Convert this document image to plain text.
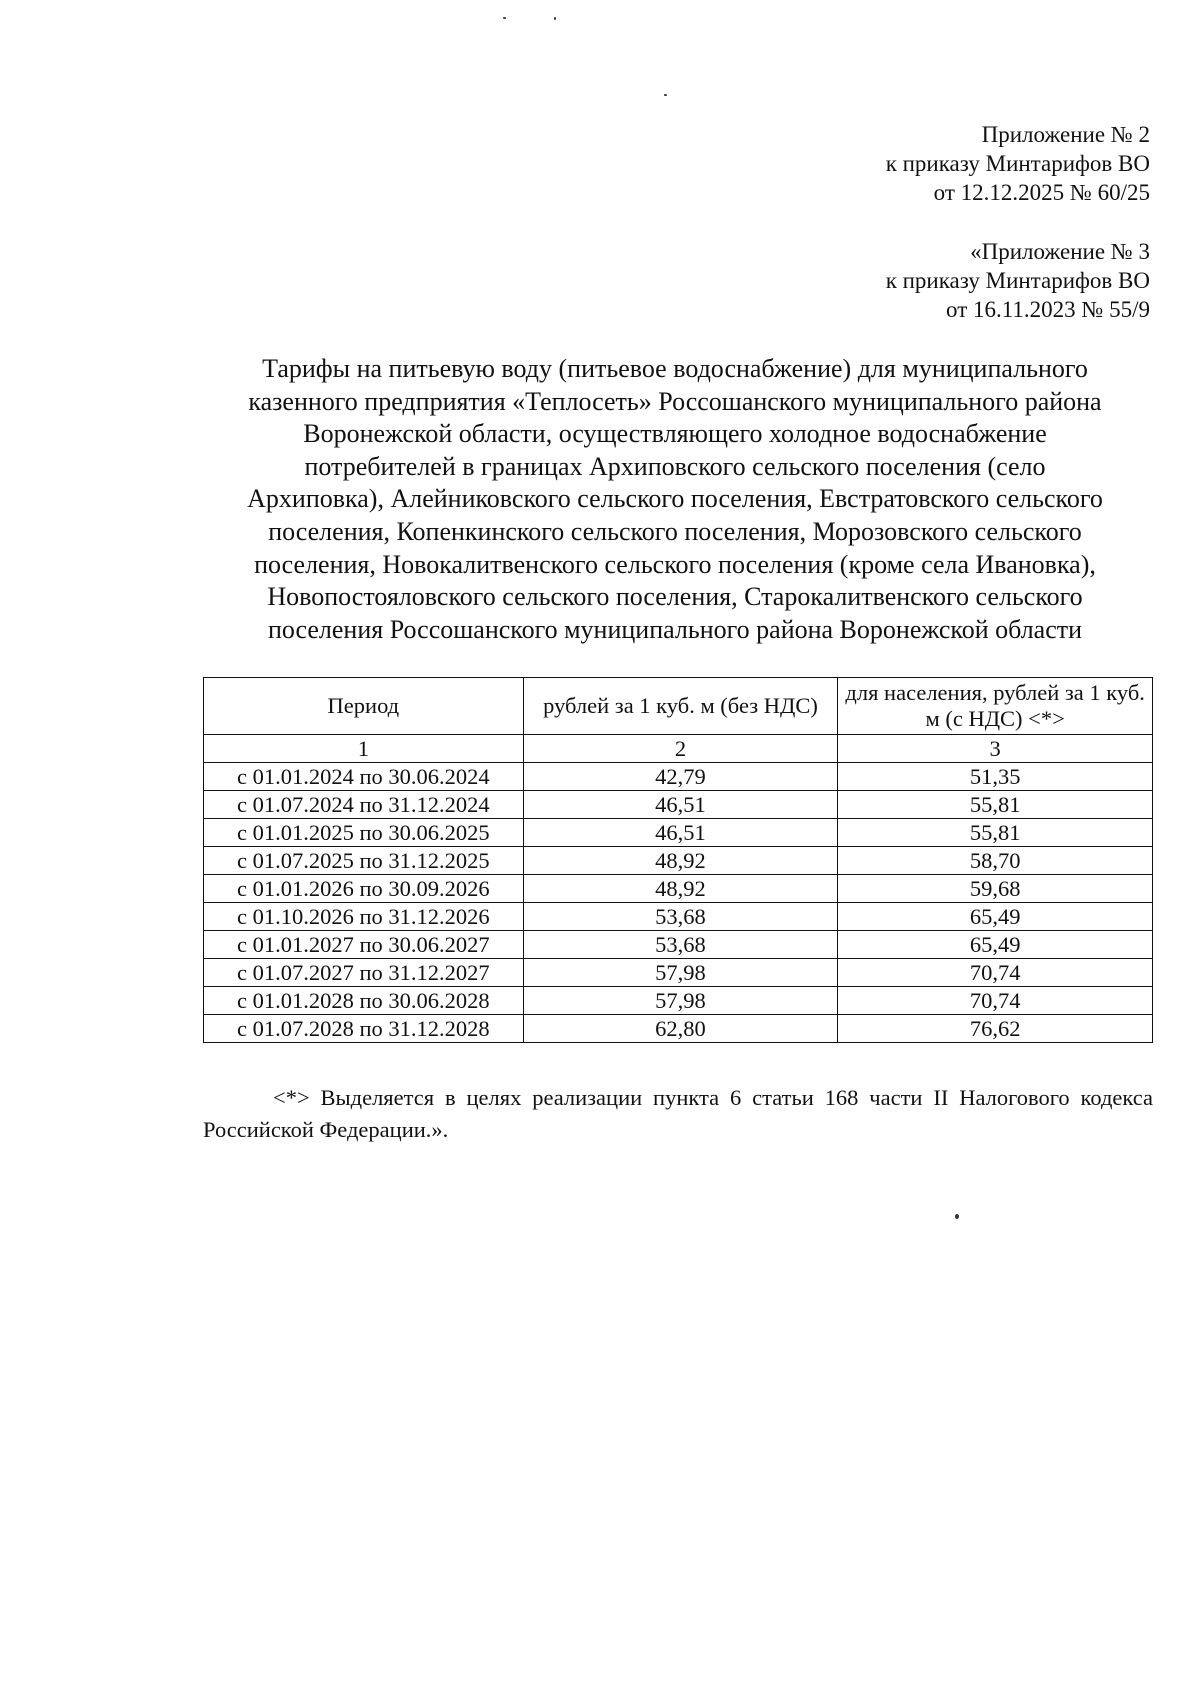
Приложение № 2
к приказу Минтарифов ВО
от 12.12.2025 № 60/25
«Приложение № 3
к приказу Минтарифов ВО
от 16.11.2023 № 55/9
Тарифы на питьевую воду (питьевое водоснабжение) для муниципального
казенного предприятия «Теплосеть» Россошанского муниципального района
Воронежской области, осуществляющего холодное водоснабжение
потребителей в границах Архиповского сельского поселения (село
Архиповка), Алейниковского сельского поселения, Евстратовского сельского
поселения, Копенкинского сельского поселения, Морозовского сельского
поселения, Новокалитвенского сельского поселения (кроме села Ивановка),
Новопостояловского сельского поселения, Старокалитвенского сельского
поселения Россошанского муниципального района Воронежской области
Период	рублей за 1 куб. м (без НДС)	для населения, рублей за 1 куб. м (с НДС) <*>
1	2	3
с 01.01.2024 по 30.06.2024	42,79	51,35
с 01.07.2024 по 31.12.2024	46,51	55,81
с 01.01.2025 по 30.06.2025	46,51	55,81
с 01.07.2025 по 31.12.2025	48,92	58,70
с 01.01.2026 по 30.09.2026	48,92	59,68
с 01.10.2026 по 31.12.2026	53,68	65,49
с 01.01.2027 по 30.06.2027	53,68	65,49
с 01.07.2027 по 31.12.2027	57,98	70,74
с 01.01.2028 по 30.06.2028	57,98	70,74
с 01.07.2028 по 31.12.2028	62,80	76,62
<*> Выделяется в целях реализации пункта 6 статьи 168 части II Налогового кодекса Российской Федерации.».
